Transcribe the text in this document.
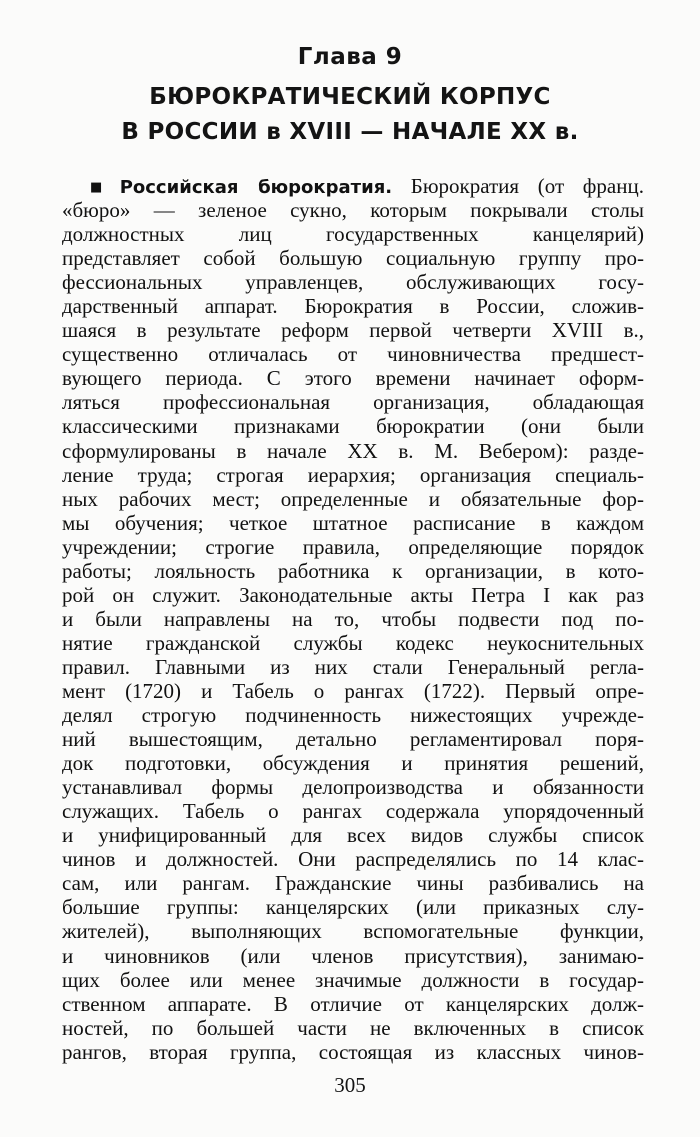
Глава 9
БЮРОКРАТИЧЕСКИЙ КОРПУС
В РОССИИ в XVIII — НАЧАЛЕ XX в.
■ Российская бюрократия. Бюрократия (от франц.
«бюро» — зеленое сукно, которым покрывали столы
должностных лиц государственных канцелярий)
представляет собой большую социальную группу про-
фессиональных управленцев, обслуживающих госу-
дарственный аппарат. Бюрократия в России, сложив-
шаяся в результате реформ первой четверти XVIII в.,
существенно отличалась от чиновничества предшест-
вующего периода. С этого времени начинает оформ-
ляться профессиональная организация, обладающая
классическими признаками бюрократии (они были
сформулированы в начале XX в. М. Вебером): разде-
ление труда; строгая иерархия; организация специаль-
ных рабочих мест; определенные и обязательные фор-
мы обучения; четкое штатное расписание в каждом
учреждении; строгие правила, определяющие порядок
работы; лояльность работника к организации, в кото-
рой он служит. Законодательные акты Петра I как раз
и были направлены на то, чтобы подвести под по-
нятие гражданской службы кодекс неукоснительных
правил. Главными из них стали Генеральный регла-
мент (1720) и Табель о рангах (1722). Первый опре-
делял строгую подчиненность нижестоящих учрежде-
ний вышестоящим, детально регламентировал поря-
док подготовки, обсуждения и принятия решений,
устанавливал формы делопроизводства и обязанности
служащих. Табель о рангах содержала упорядоченный
и унифицированный для всех видов службы список
чинов и должностей. Они распределялись по 14 клас-
сам, или рангам. Гражданские чины разбивались на
большие группы: канцелярских (или приказных слу-
жителей), выполняющих вспомогательные функции,
и чиновников (или членов присутствия), занимаю-
щих более или менее значимые должности в государ-
ственном аппарате. В отличие от канцелярских долж-
ностей, по большей части не включенных в список
рангов, вторая группа, состоящая из классных чинов-
305
